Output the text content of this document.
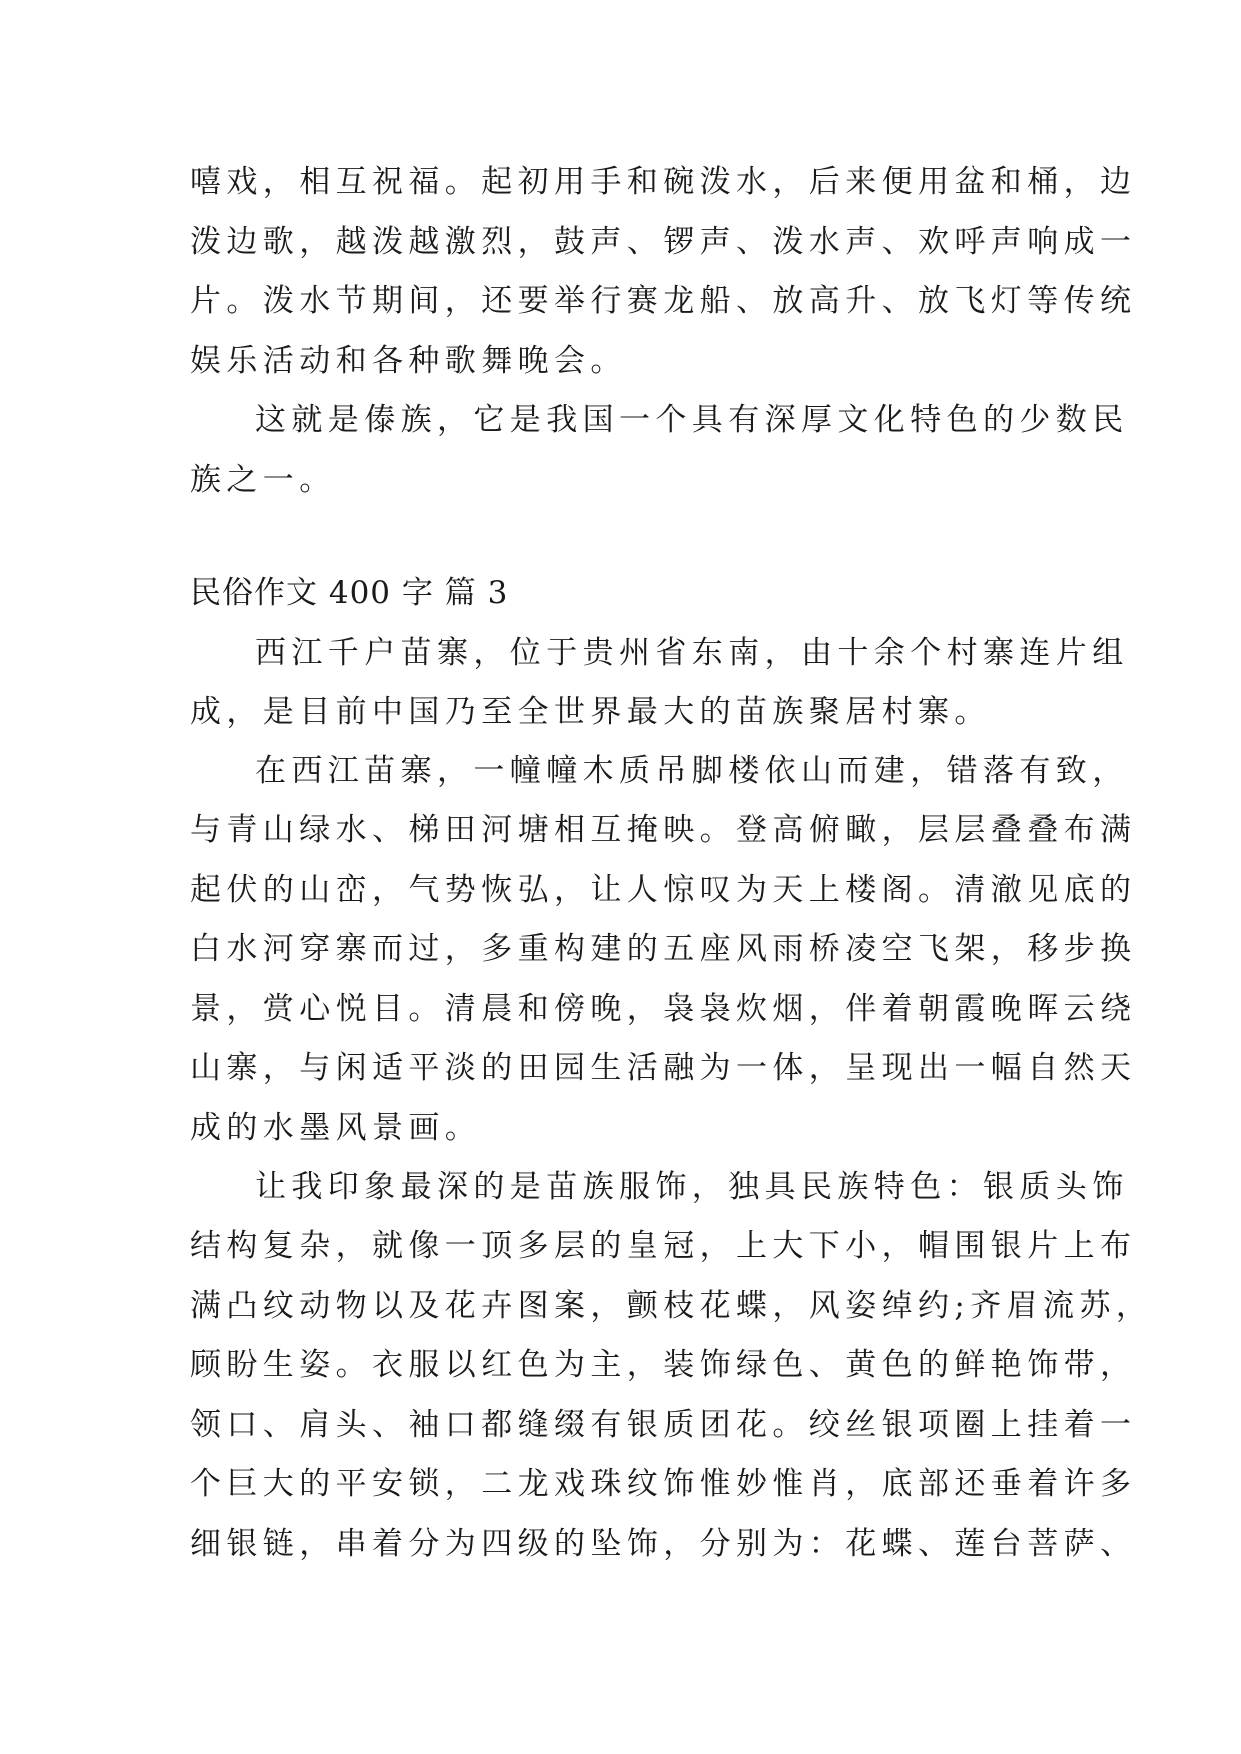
嘻戏，相互祝福。起初用手和碗泼水，后来便用盆和桶，边
泼边歌，越泼越激烈，鼓声、锣声、泼水声、欢呼声响成一
片。泼水节期间，还要举行赛龙船、放高升、放飞灯等传统
娱乐活动和各种歌舞晚会。
这就是傣族，它是我国一个具有深厚文化特色的少数民
族之一。
民俗作文 400 字 篇 3
西江千户苗寨，位于贵州省东南，由十余个村寨连片组
成，是目前中国乃至全世界最大的苗族聚居村寨。
在西江苗寨，一幢幢木质吊脚楼依山而建，错落有致，
与青山绿水、梯田河塘相互掩映。登高俯瞰，层层叠叠布满
起伏的山峦，气势恢弘，让人惊叹为天上楼阁。清澈见底的
白水河穿寨而过，多重构建的五座风雨桥凌空飞架，移步换
景，赏心悦目。清晨和傍晚，袅袅炊烟，伴着朝霞晚晖云绕
山寨，与闲适平淡的田园生活融为一体，呈现出一幅自然天
成的水墨风景画。
让我印象最深的是苗族服饰，独具民族特色：银质头饰
结构复杂，就像一顶多层的皇冠，上大下小，帽围银片上布
满凸纹动物以及花卉图案，颤枝花蝶，风姿绰约;齐眉流苏，
顾盼生姿。衣服以红色为主，装饰绿色、黄色的鲜艳饰带，
领口、肩头、袖口都缝缀有银质团花。绞丝银项圈上挂着一
个巨大的平安锁，二龙戏珠纹饰惟妙惟肖，底部还垂着许多
细银链，串着分为四级的坠饰，分别为：花蝶、莲台菩萨、
